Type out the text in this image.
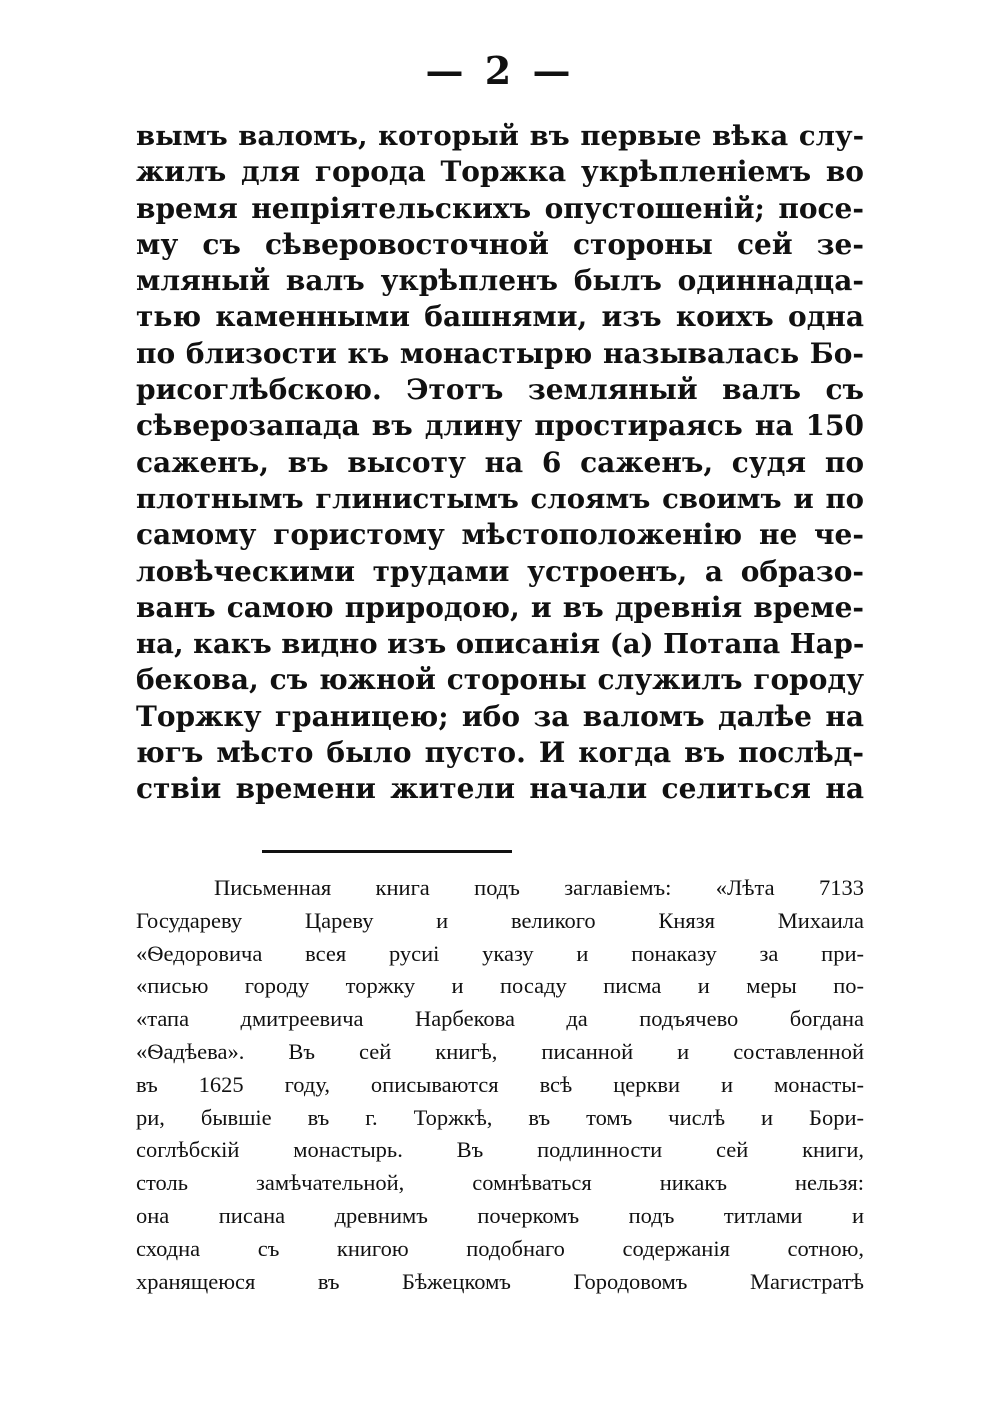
— 2 —
вымъ валомъ, который въ первые вѣка слу-
жилъ для города Торжка укрѣпленіемъ во
время непріятельскихъ опустошеній; посе-
му съ сѣверовосточной стороны сей зе-
мляный валъ укрѣпленъ былъ одиннадца-
тью каменными башнями, изъ коихъ одна
по близости къ монастырю называлась Бо-
рисоглѣбскою. Этотъ земляный валъ съ
сѣверозапада въ длину простираясь на 150
саженъ, въ высоту на 6 саженъ, судя по
плотнымъ глинистымъ слоямъ своимъ и по
самому гористому мѣстоположенію не че-
ловѣческими трудами устроенъ, а образо-
ванъ самою природою, и въ древнія време-
на, какъ видно изъ описанія (а) Потапа Нар-
бекова, съ южной стороны служилъ городу
Торжку границею; ибо за валомъ далѣе на
югъ мѣсто было пусто. И когда въ послѣд-
ствіи времени жители начали селиться на
Письменная книга подъ заглавіемъ: «Лѣта 7133
Государеву Цареву и великого Князя Михаила
«Ѳедоровича всея русиі указу и понаказу за при-
«писью городу торжку и посаду писма и меры по-
«тапа дмитреевича Нарбекова да подъячево богдана
«Ѳадѣева». Въ сей книгѣ, писанной и составленной
въ 1625 году, описываются всѣ церкви и монасты-
ри, бывшіе въ г. Торжкѣ, въ томъ числѣ и Бори-
соглѣбскій монастырь. Въ подлинности сей книги,
столь замѣчательной, сомнѣваться никакъ нельзя:
она писана древнимъ почеркомъ подъ титлами и
сходна съ книгою подобнаго содержанія сотною,
хранящеюся въ Бѣжецкомъ Городовомъ Магистратѣ
